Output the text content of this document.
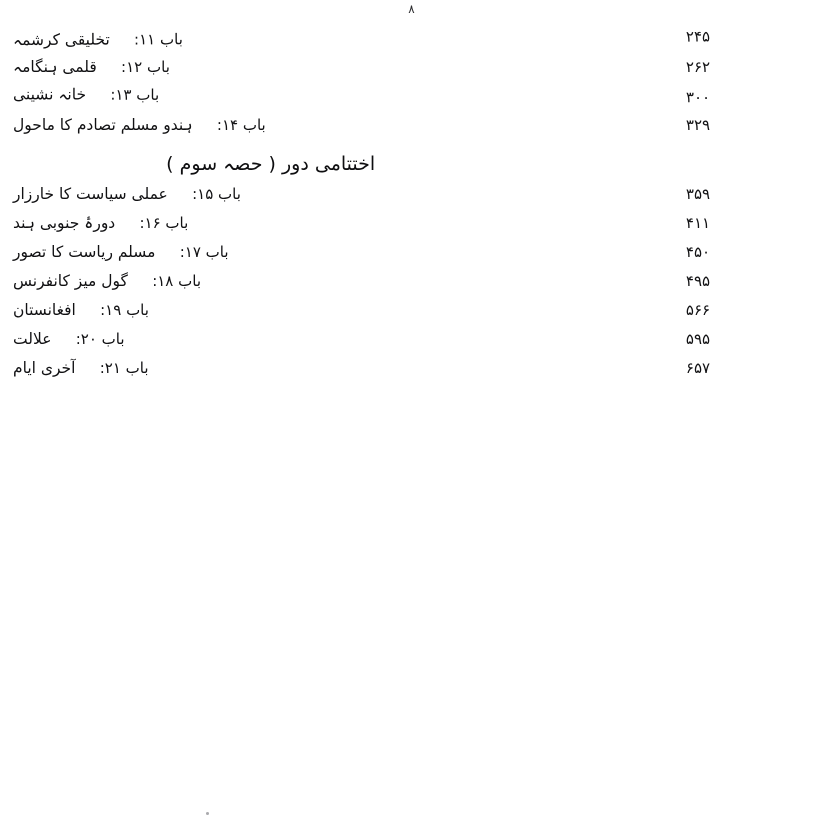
۸
۲۴۵
باب ۱۱: تخلیقی کرشمہ
۲۶۲
باب ۱۲: قلمی ہنگامہ
۳۰۰
باب ۱۳: خانہ نشینی
۳۲۹
باب ۱۴: ہندو مسلم تصادم کا ماحول
اختتامی دور ( حصہ سوم )
۳۵۹
باب ۱۵: عملی سیاست کا خارزار
۴۱۱
باب ۱۶: دورۂ جنوبی ہند
۴۵۰
باب ۱۷: مسلم ریاست کا تصور
۴۹۵
باب ۱۸: گول میز کانفرنس
۵۶۶
باب ۱۹: افغانستان
۵۹۵
باب ۲۰: علالت
۶۵۷
باب ۲۱: آخری ایام
